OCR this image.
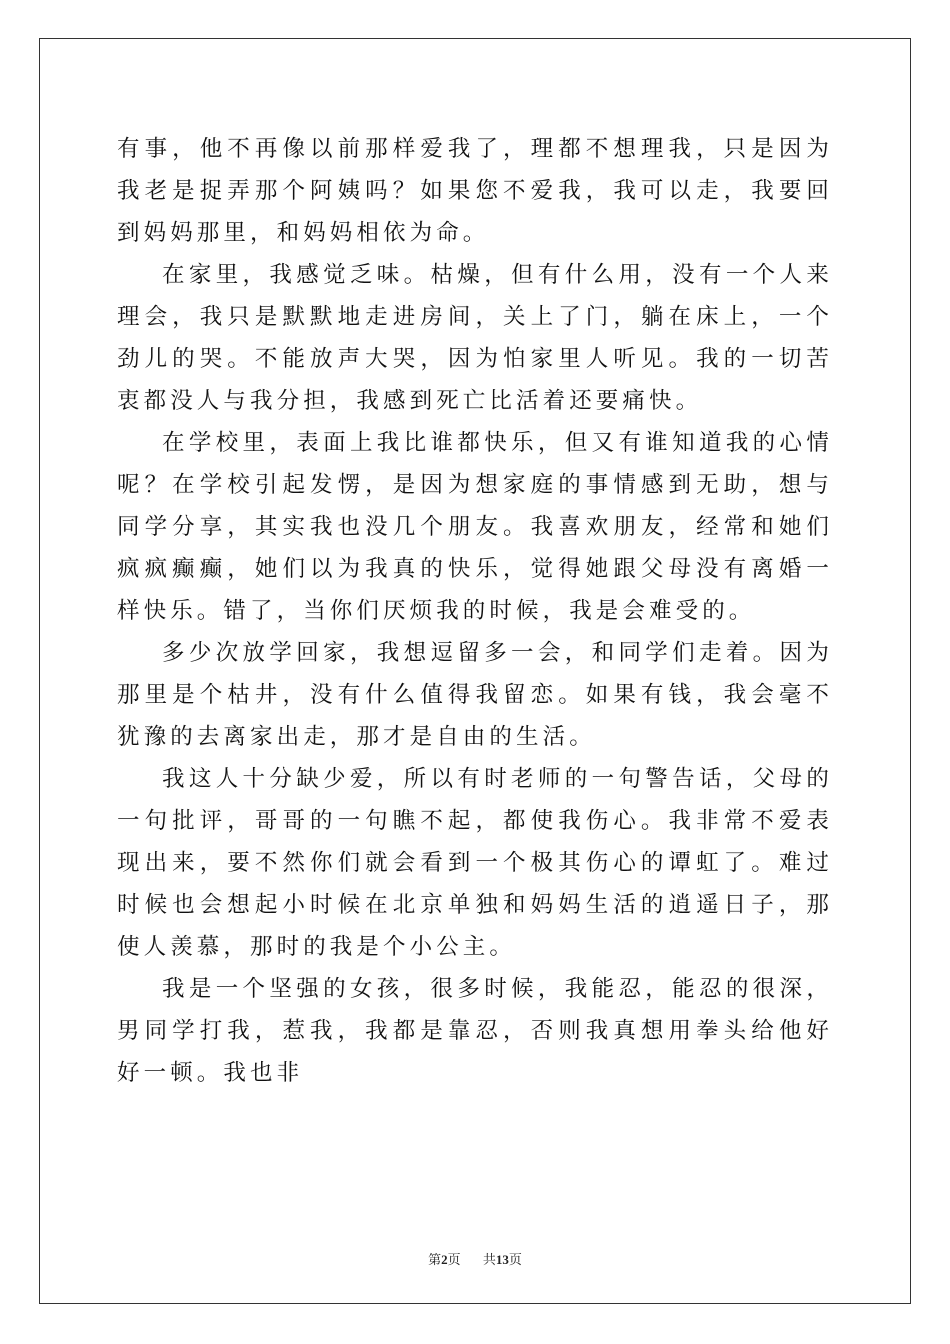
有事，他不再像以前那样爱我了，理都不想理我，只是因为我老是捉弄那个阿姨吗？如果您不爱我，我可以走，我要回到妈妈那里，和妈妈相依为命。

在家里，我感觉乏味。枯燥，但有什么用，没有一个人来理会，我只是默默地走进房间，关上了门，躺在床上，一个劲儿的哭。不能放声大哭，因为怕家里人听见。我的一切苦衷都没人与我分担，我感到死亡比活着还要痛快。

在学校里，表面上我比谁都快乐，但又有谁知道我的心情呢？在学校引起发愣，是因为想家庭的事情感到无助，想与同学分享，其实我也没几个朋友。我喜欢朋友，经常和她们疯疯癫癫，她们以为我真的快乐，觉得她跟父母没有离婚一样快乐。错了，当你们厌烦我的时候，我是会难受的。

多少次放学回家，我想逗留多一会，和同学们走着。因为那里是个枯井，没有什么值得我留恋。如果有钱，我会毫不犹豫的去离家出走，那才是自由的生活。

我这人十分缺少爱，所以有时老师的一句警告话，父母的一句批评，哥哥的一句瞧不起，都使我伤心。我非常不爱表现出来，要不然你们就会看到一个极其伤心的谭虹了。难过时候也会想起小时候在北京单独和妈妈生活的逍遥日子，那使人羡慕，那时的我是个小公主。

我是一个坚强的女孩，很多时候，我能忍，能忍的很深，男同学打我，惹我，我都是靠忍，否则我真想用拳头给他好好一顿。我也非

第2页 共13页
